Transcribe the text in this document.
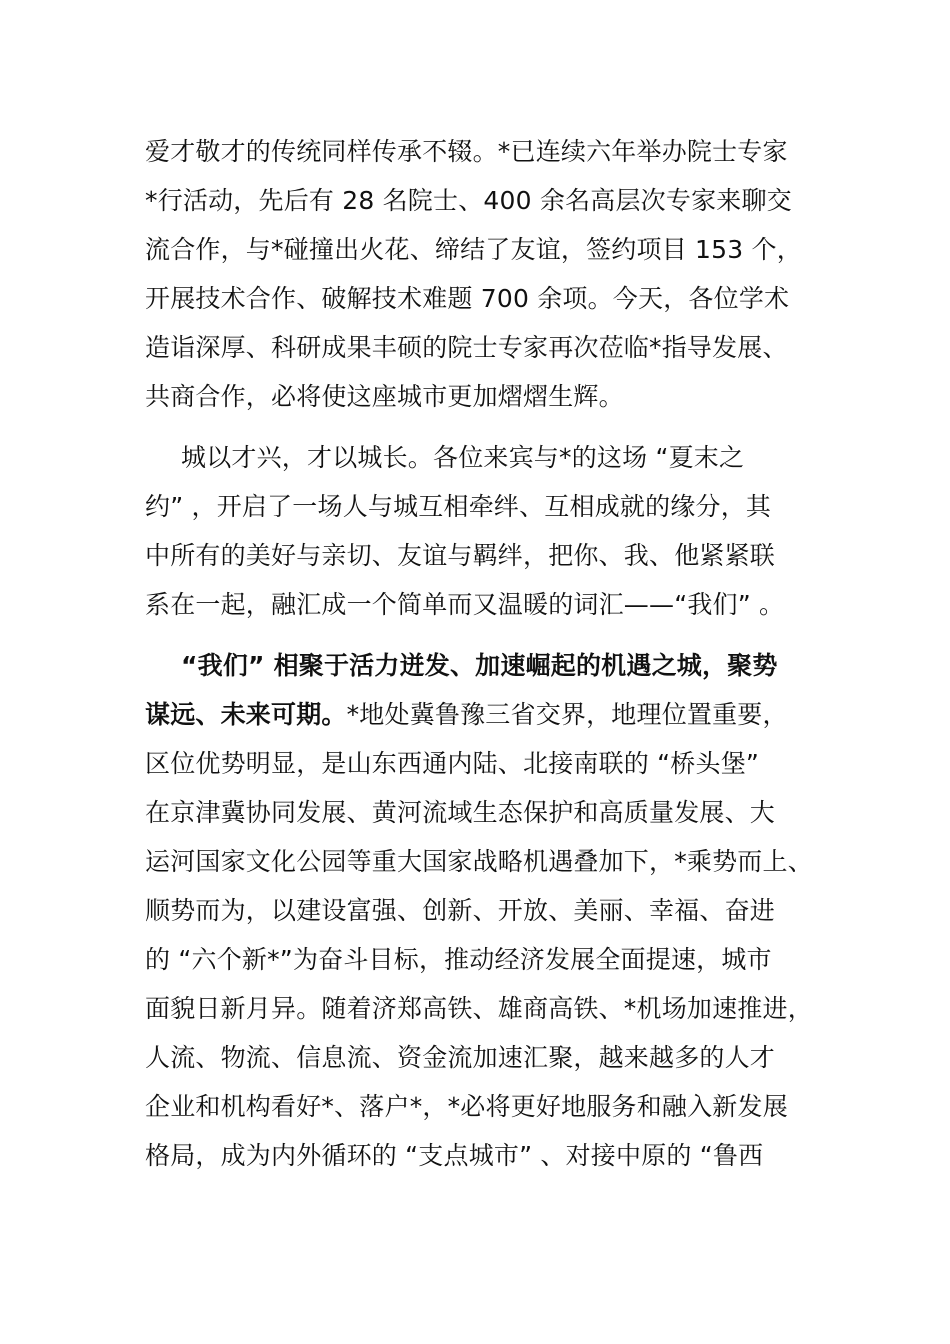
爱才敬才的传统同样传承不辍。*已连续六年举办院士专家
*行活动，先后有 28 名院士、400 余名高层次专家来聊交
流合作，与*碰撞出火花、缔结了友谊，签约项目 153 个，
开展技术合作、破解技术难题 700 余项。今天，各位学术
造诣深厚、科研成果丰硕的院士专家再次莅临*指导发展、
共商合作，必将使这座城市更加熠熠生辉。
城以才兴，才以城长。各位来宾与*的这场 “夏末之
约” ，开启了一场人与城互相牵绊、互相成就的缘分，其
中所有的美好与亲切、友谊与羁绊，把你、我、他紧紧联
系在一起，融汇成一个简单而又温暖的词汇——“我们” 。
“我们” 相聚于活力迸发、加速崛起的机遇之城，聚势
谋远、未来可期。*地处冀鲁豫三省交界，地理位置重要，
区位优势明显，是山东西通内陆、北接南联的 “桥头堡”
在京津冀协同发展、黄河流域生态保护和高质量发展、大
运河国家文化公园等重大国家战略机遇叠加下，*乘势而上、
顺势而为，以建设富强、创新、开放、美丽、幸福、奋进
的 “六个新*”为奋斗目标，推动经济发展全面提速，城市
面貌日新月异。随着济郑高铁、雄商高铁、*机场加速推进，
人流、物流、信息流、资金流加速汇聚，越来越多的人才
企业和机构看好*、落户*，*必将更好地服务和融入新发展
格局，成为内外循环的 “支点城市” 、对接中原的 “鲁西
